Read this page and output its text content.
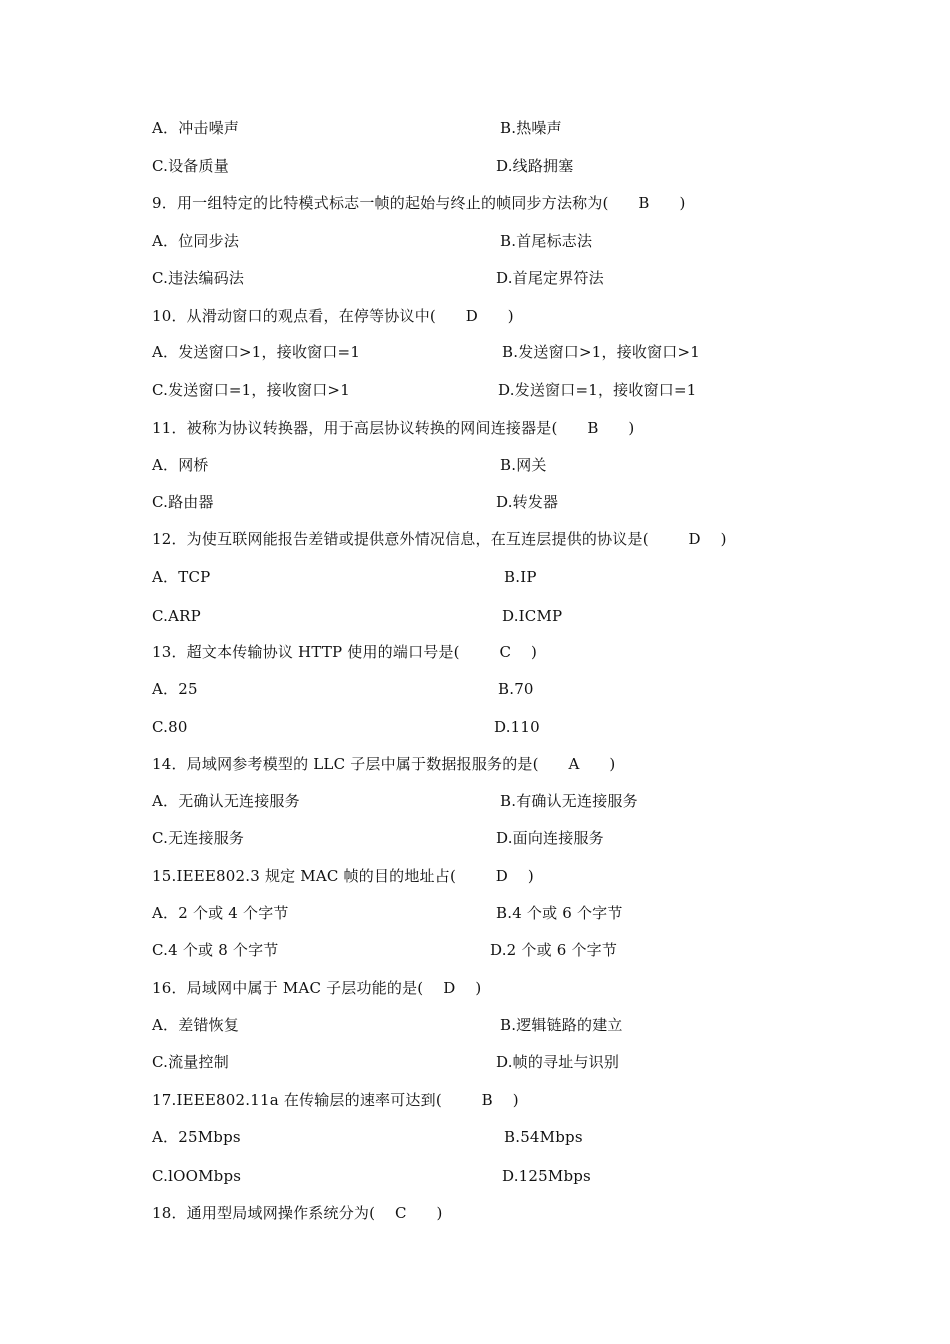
A．冲击噪声	B.热噪声
C.设备质量	D.线路拥塞
9．用一组特定的比特模式标志一帧的起始与终止的帧同步方法称为(      B      )
A．位同步法	B.首尾标志法
C.违法编码法	D.首尾定界符法
10．从滑动窗口的观点看，在停等协议中(      D      )
A．发送窗口>1，接收窗口=1	B.发送窗口>1，接收窗口>1
C.发送窗口=1，接收窗口>1	D.发送窗口=1，接收窗口=1
11．被称为协议转换器，用于高层协议转换的网间连接器是(      B      )
A．网桥	B.网关
C.路由器	D.转发器
12．为使互联网能报告差错或提供意外情况信息，在互连层提供的协议是(        D    )
A．TCP	B.IP
C.ARP	D.ICMP
13．超文本传输协议 HTTP 使用的端口号是(        C    )
A．25	B.70
C.80	D.110
14．局域网参考模型的 LLC 子层中属于数据报服务的是(      A      )
A．无确认无连接服务	B.有确认无连接服务
C.无连接服务	D.面向连接服务
15.IEEE802.3 规定 MAC 帧的目的地址占(        D    )
A．2 个或 4 个字节	B.4 个或 6 个字节
C.4 个或 8 个字节	D.2 个或 6 个字节
16．局域网中属于 MAC 子层功能的是(    D    )
A．差错恢复	B.逻辑链路的建立
C.流量控制	D.帧的寻址与识别
17.IEEE802.11a 在传输层的速率可达到(        B    )
A．25Mbps	B.54Mbps
C.lOOMbps	D.125Mbps
18．通用型局域网操作系统分为(    C      )
